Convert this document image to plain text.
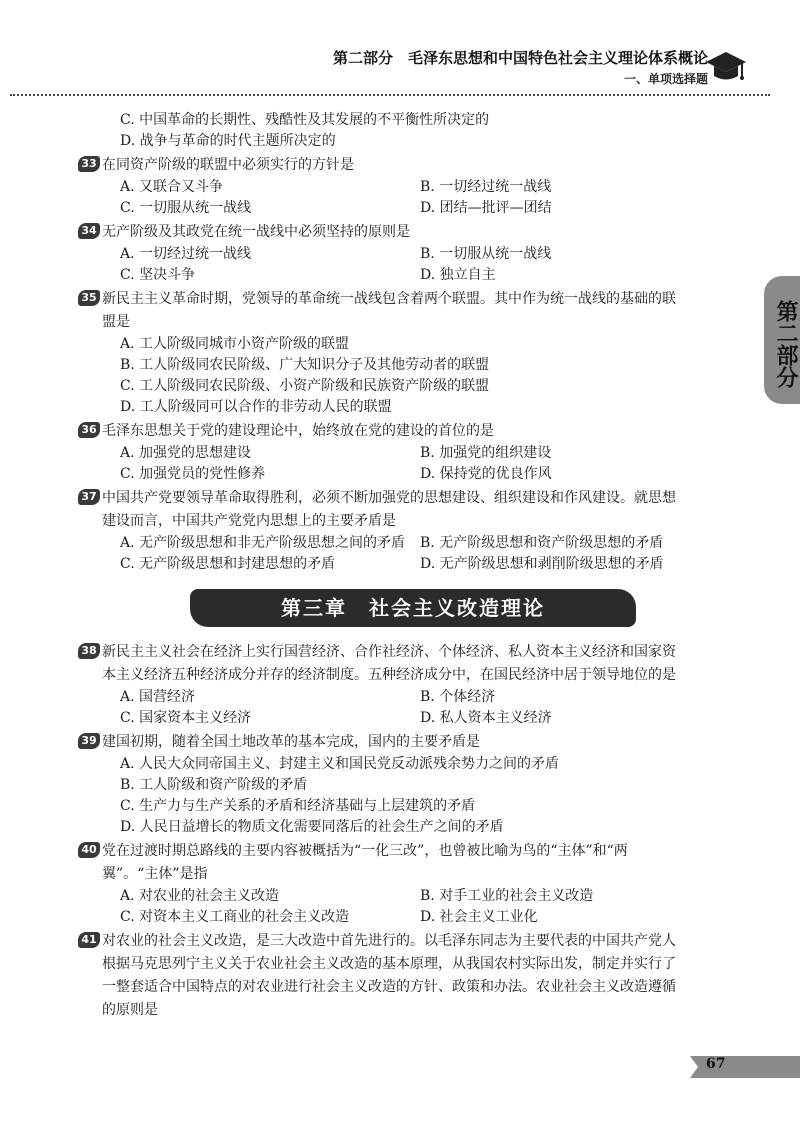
第二部分　毛泽东思想和中国特色社会主义理论体系概论
一、单项选择题
第二部分
C. 中国革命的长期性、残酷性及其发展的不平衡性所决定的
D. 战争与革命的时代主题所决定的
33 在同资产阶级的联盟中必须实行的方针是
A. 又联合又斗争	B. 一切经过统一战线
C. 一切服从统一战线	D. 团结—批评—团结
34 无产阶级及其政党在统一战线中必须坚持的原则是
A. 一切经过统一战线	B. 一切服从统一战线
C. 坚决斗争	D. 独立自主
35 新民主主义革命时期，党领导的革命统一战线包含着两个联盟。其中作为统一战线的基础的联
盟是
A. 工人阶级同城市小资产阶级的联盟
B. 工人阶级同农民阶级、广大知识分子及其他劳动者的联盟
C. 工人阶级同农民阶级、小资产阶级和民族资产阶级的联盟
D. 工人阶级同可以合作的非劳动人民的联盟
36 毛泽东思想关于党的建设理论中，始终放在党的建设的首位的是
A. 加强党的思想建设	B. 加强党的组织建设
C. 加强党员的党性修养	D. 保持党的优良作风
37 中国共产党要领导革命取得胜利，必须不断加强党的思想建设、组织建设和作风建设。就思想
建设而言，中国共产党党内思想上的主要矛盾是
A. 无产阶级思想和非无产阶级思想之间的矛盾	B. 无产阶级思想和资产阶级思想的矛盾
C. 无产阶级思想和封建思想的矛盾	D. 无产阶级思想和剥削阶级思想的矛盾
第三章　社会主义改造理论
38 新民主主义社会在经济上实行国营经济、合作社经济、个体经济、私人资本主义经济和国家资
本主义经济五种经济成分并存的经济制度。五种经济成分中，在国民经济中居于领导地位的是
A. 国营经济	B. 个体经济
C. 国家资本主义经济	D. 私人资本主义经济
39 建国初期，随着全国土地改革的基本完成，国内的主要矛盾是
A. 人民大众同帝国主义、封建主义和国民党反动派残余势力之间的矛盾
B. 工人阶级和资产阶级的矛盾
C. 生产力与生产关系的矛盾和经济基础与上层建筑的矛盾
D. 人民日益增长的物质文化需要同落后的社会生产之间的矛盾
40 党在过渡时期总路线的主要内容被概括为“一化三改”，也曾被比喻为鸟的“主体”和“两
翼”。“主体”是指
A. 对农业的社会主义改造	B. 对手工业的社会主义改造
C. 对资本主义工商业的社会主义改造	D. 社会主义工业化
41 对农业的社会主义改造，是三大改造中首先进行的。以毛泽东同志为主要代表的中国共产党人
根据马克思列宁主义关于农业社会主义改造的基本原理，从我国农村实际出发，制定并实行了
一整套适合中国特点的对农业进行社会主义改造的方针、政策和办法。农业社会主义改造遵循
的原则是
67
